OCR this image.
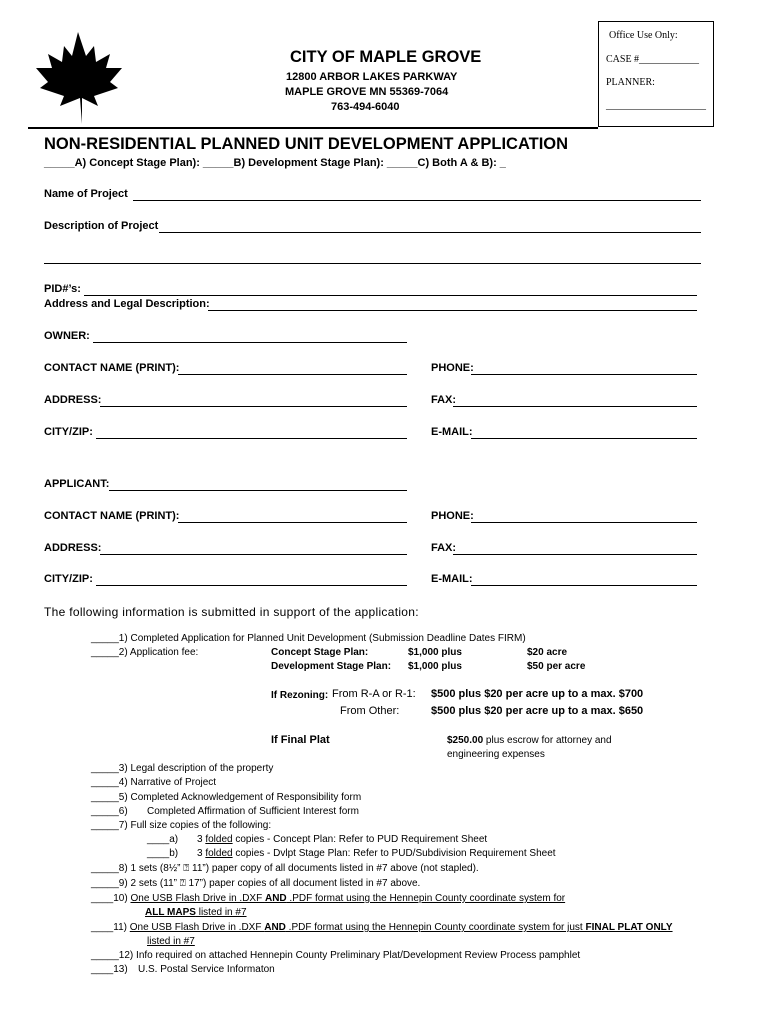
Office Use Only:
CASE #____________
PLANNER:
____________________
CITY OF MAPLE GROVE
12800 ARBOR LAKES PARKWAY
MAPLE GROVE MN 55369-7064
763-494-6040
NON-RESIDENTIAL PLANNED UNIT DEVELOPMENT APPLICATION
_____A) Concept Stage Plan): _____B) Development Stage Plan): _____C) Both A & B): _
Name of Project
Description of Project
PID#’s:
Address and Legal Description:
OWNER:
CONTACT NAME (PRINT):	PHONE:
ADDRESS:	FAX:
CITY/ZIP:	E-MAIL:
APPLICANT:
CONTACT NAME (PRINT):	PHONE:
ADDRESS:	FAX:
CITY/ZIP:	E-MAIL:
The following information is submitted in support of the application:
_____1) Completed Application for Planned Unit Development (Submission Deadline Dates FIRM)
_____2) Application fee:	Concept Stage Plan:	$1,000 plus	$20 acre
Development Stage Plan: $1,000 plus	$50 per acre
If Rezoning: From R-A or R-1: $500 plus $20 per acre up to a max. $700
From Other:	$500 plus $20 per acre up to a max. $650
If Final Plat	$250.00 plus escrow for attorney and
engineering expenses
_____3) Legal description of the property
_____4) Narrative of Project
_____5) Completed Acknowledgement of Responsibility form
_____6) Completed Affirmation of Sufficient Interest form
_____7) Full size copies of the following:
____a) 3 folded copies - Concept Plan: Refer to PUD Requirement Sheet
____b) 3 folded copies - Dvlpt Stage Plan: Refer to PUD/Subdivision Requirement Sheet
_____8) 1 sets (8½” ⍰ 11”) paper copy of all documents listed in #7 above (not stapled).
_____9) 2 sets (11” ⍰ 17”) paper copies of all document listed in #7 above.
____10) One USB Flash Drive in .DXF AND .PDF format using the Hennepin County coordinate system for
ALL MAPS listed in #7
____11) One USB Flash Drive in .DXF AND .PDF format using the Hennepin County coordinate system for just FINAL PLAT ONLY
listed in #7
_____12) Info required on attached Hennepin County Preliminary Plat/Development Review Process pamphlet
____13) U.S. Postal Service Informaton
